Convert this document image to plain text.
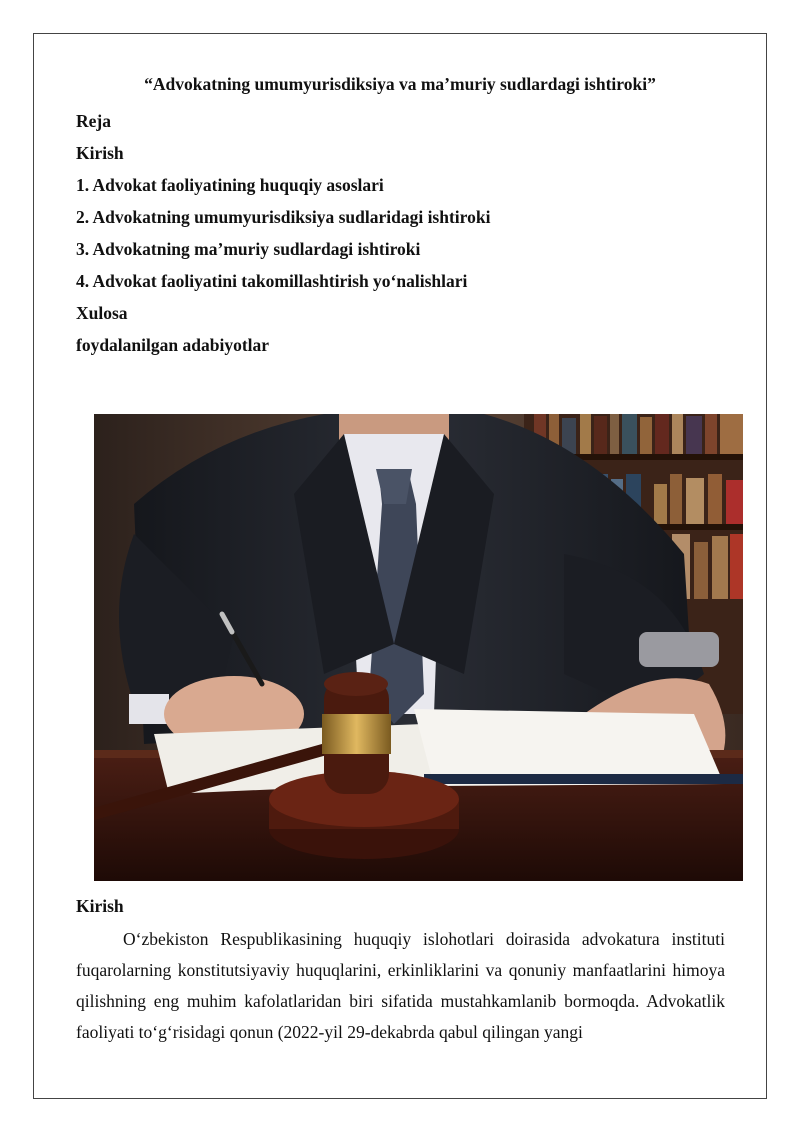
“Advokatning umumyurisdiksiya va ma’muriy sudlardagi ishtiroki”
Reja
Kirish
1. Advokat faoliyatining huquqiy asoslari
2. Advokatning umumyurisdiksiya sudlaridagi ishtiroki
3. Advokatning ma’muriy sudlardagi ishtiroki
4. Advokat faoliyatini takomillashtirish yo‘nalishlari
Xulosa
foydalanilgan adabiyotlar
Kirish

O‘zbekiston Respublikasining huquqiy islohotlari doirasida advokatura instituti fuqarolarning konstitutsiyaviy huquqlarini, erkinliklarini va qonuniy manfaatlarini himoya qilishning eng muhim kafolatlaridan biri sifatida mustahkamlanib bormoqda. Advokatlik faoliyati to‘g‘risidagi qonun (2022-yil 29-dekabrda qabul qilingan yangi
